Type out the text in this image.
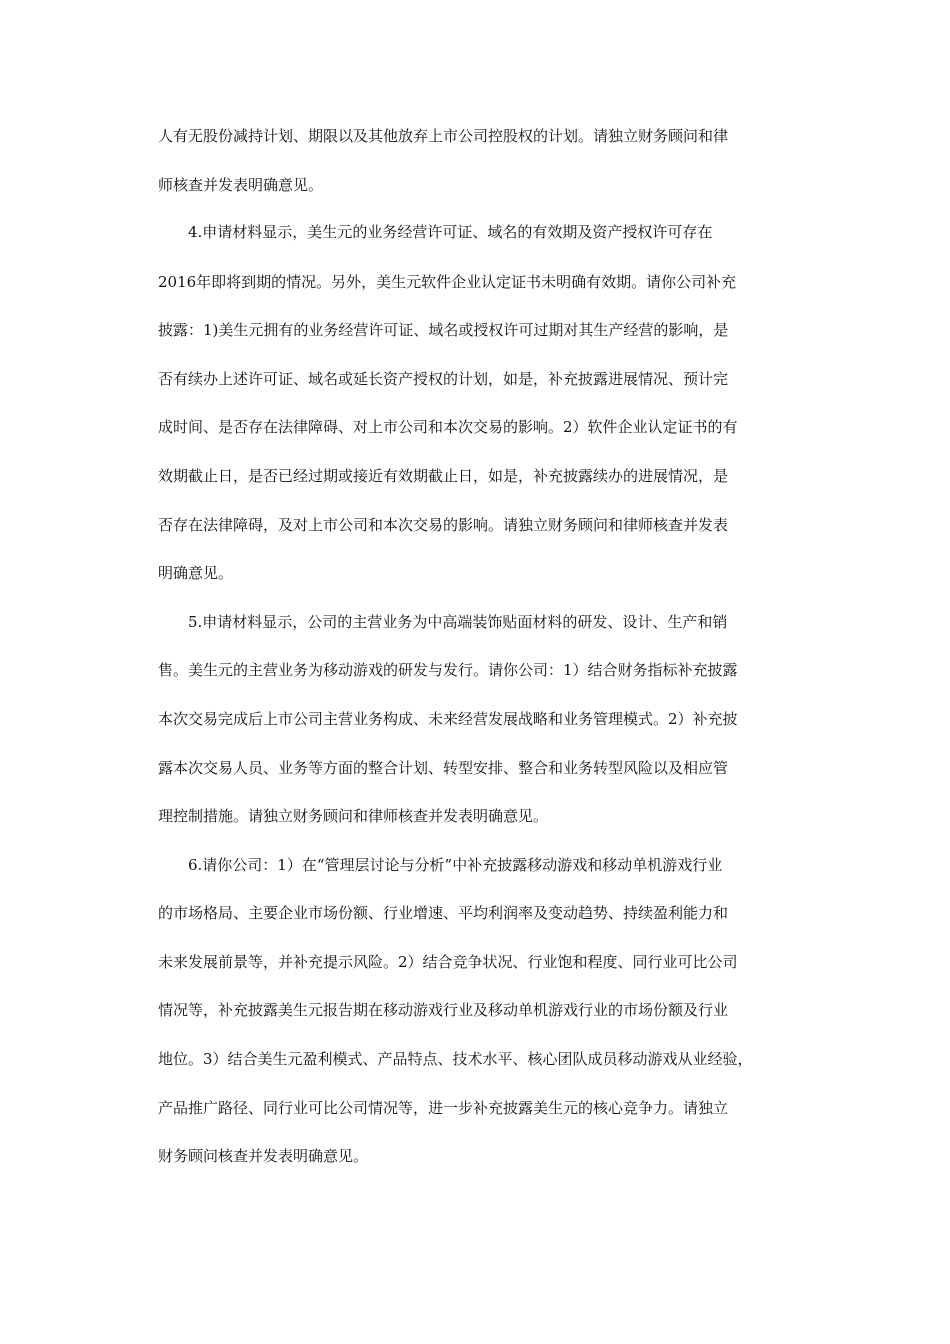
人有无股份减持计划、期限以及其他放弃上市公司控股权的计划。请独立财务顾问和律
师核查并发表明确意见。
4.申请材料显示，美生元的业务经营许可证、域名的有效期及资产授权许可存在
2016年即将到期的情况。另外，美生元软件企业认定证书未明确有效期。请你公司补充
披露：1)美生元拥有的业务经营许可证、域名或授权许可过期对其生产经营的影响，是
否有续办上述许可证、域名或延长资产授权的计划，如是，补充披露进展情况、预计完
成时间、是否存在法律障碍、对上市公司和本次交易的影响。2）软件企业认定证书的有
效期截止日，是否已经过期或接近有效期截止日，如是，补充披露续办的进展情况，是
否存在法律障碍，及对上市公司和本次交易的影响。请独立财务顾问和律师核查并发表
明确意见。
5.申请材料显示，公司的主营业务为中高端装饰贴面材料的研发、设计、生产和销
售。美生元的主营业务为移动游戏的研发与发行。请你公司：1）结合财务指标补充披露
本次交易完成后上市公司主营业务构成、未来经营发展战略和业务管理模式。2）补充披
露本次交易人员、业务等方面的整合计划、转型安排、整合和业务转型风险以及相应管
理控制措施。请独立财务顾问和律师核查并发表明确意见。
6.请你公司：1）在“管理层讨论与分析”中补充披露移动游戏和移动单机游戏行业
的市场格局、主要企业市场份额、行业增速、平均利润率及变动趋势、持续盈利能力和
未来发展前景等，并补充提示风险。2）结合竞争状况、行业饱和程度、同行业可比公司
情况等，补充披露美生元报告期在移动游戏行业及移动单机游戏行业的市场份额及行业
地位。3）结合美生元盈利模式、产品特点、技术水平、核心团队成员移动游戏从业经验，
产品推广路径、同行业可比公司情况等，进一步补充披露美生元的核心竞争力。请独立
财务顾问核查并发表明确意见。
